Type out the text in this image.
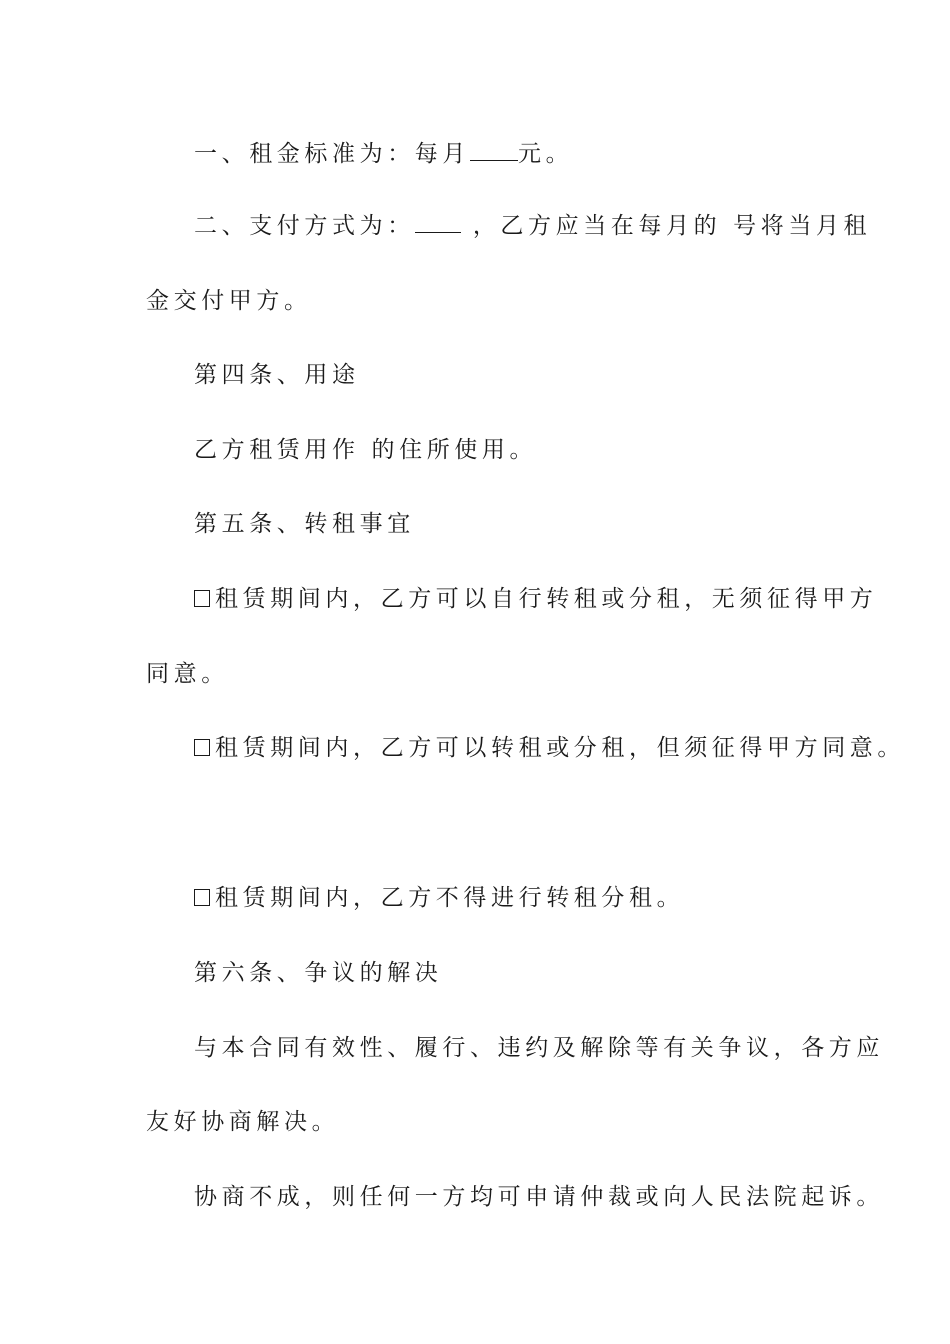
一、租金标准为：每月 元。
二、支付方式为：	，乙方应当在每月的 号将当月租
金交付甲方。
第四条、用途
乙方租赁用作 的住所使用。
第五条、转租事宜
租赁期间内，乙方可以自行转租或分租，无须征得甲方
同意。
租赁期间内，乙方可以转租或分租，但须征得甲方同意。
租赁期间内，乙方不得进行转租分租。
第六条、争议的解决
与本合同有效性、履行、违约及解除等有关争议，各方应
友好协商解决。
协商不成，则任何一方均可申请仲裁或向人民法院起诉。
